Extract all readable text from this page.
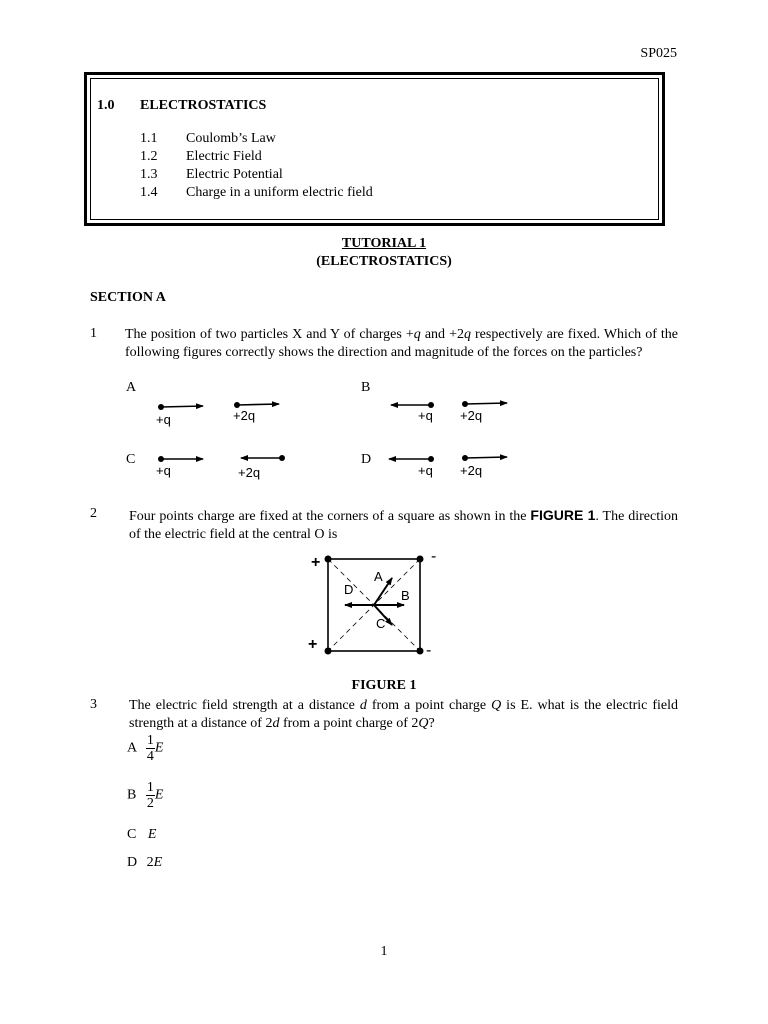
SP025
1.0 ELECTROSTATICS
1.1 Coulomb’s Law
1.2 Electric Field
1.3 Electric Potential
1.4 Charge in a uniform electric field
TUTORIAL 1
(ELECTROSTATICS)
SECTION A
1 The position of two particles X and Y of charges +q and +2q respectively are fixed. Which of the following figures correctly shows the direction and magnitude of the forces on the particles?
A	B
C	D
+q	+2q	+q +2q
+q	+2q	+q +2q
2 Four points charge are fixed at the corners of a square as shown in the FIGURE 1. The direction of the electric field at the central O is
+	-
+	-
A
B
C
D
FIGURE 1
3 The electric field strength at a distance d from a point charge Q is E. what is the electric field strength at a distance of 2d from a point charge of 2Q?
A $\frac{1}{4}$ E
B $\frac{1}{2}$ E
C E
D 2E
1
